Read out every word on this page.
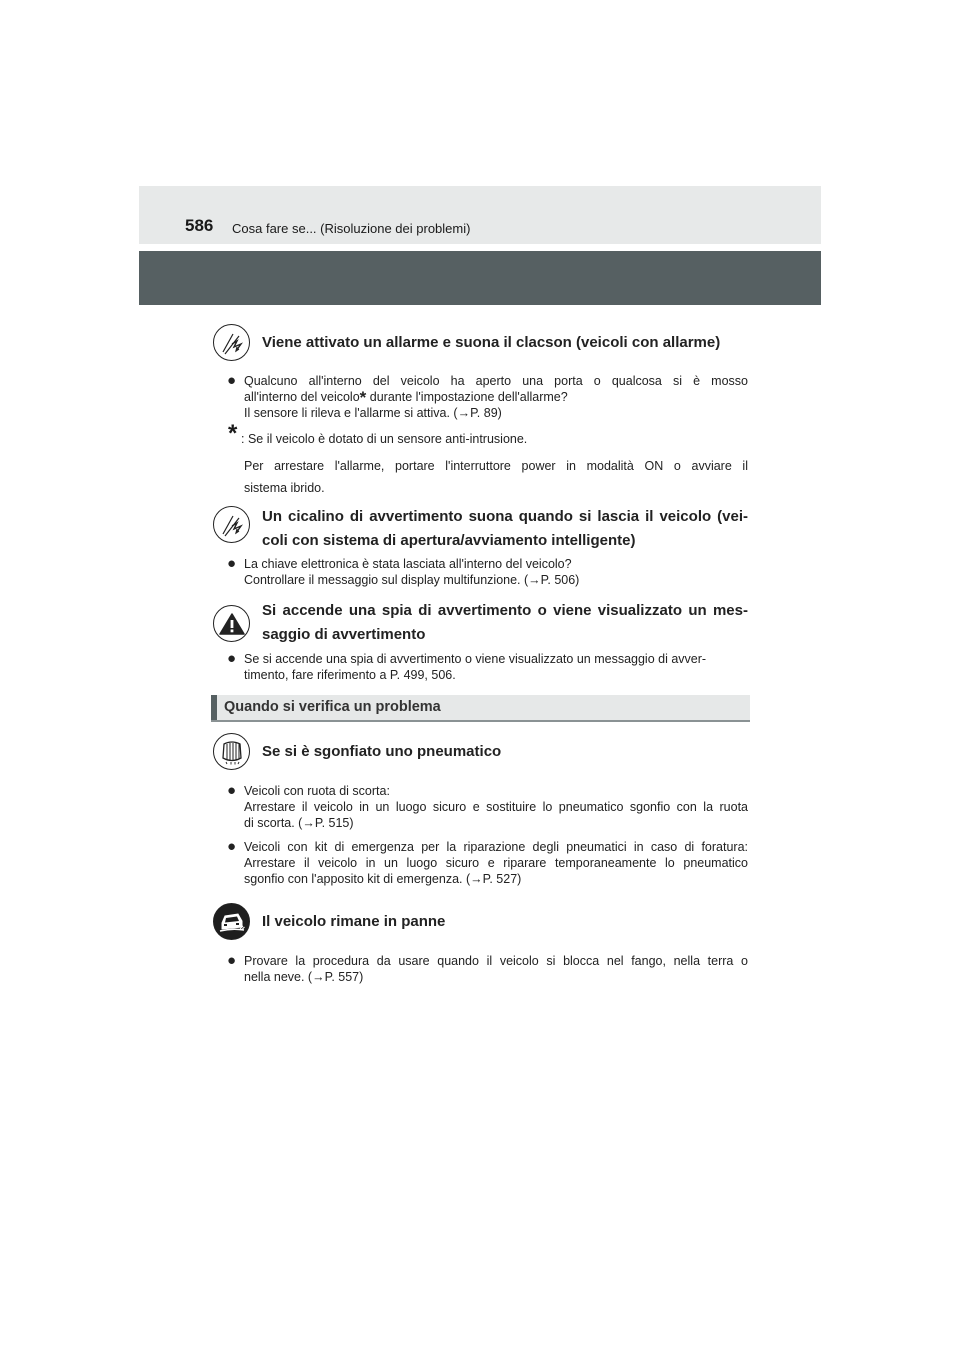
586 Cosa fare se... (Risoluzione dei problemi)
Viene attivato un allarme e suona il clacson (veicoli con allarme)
● Qualcuno all'interno del veicolo ha aperto una porta o qualcosa si è mosso
all'interno del veicolo* durante l'impostazione dell'allarme?
Il sensore li rileva e l'allarme si attiva. (→P. 89)
* : Se il veicolo è dotato di un sensore anti-intrusione.
Per arrestare l'allarme, portare l'interruttore power in modalità ON o avviare il
sistema ibrido.
Un cicalino di avvertimento suona quando si lascia il veicolo (vei-
coli con sistema di apertura/avviamento intelligente)
● La chiave elettronica è stata lasciata all'interno del veicolo?
Controllare il messaggio sul display multifunzione. (→P. 506)
Si accende una spia di avvertimento o viene visualizzato un mes-
saggio di avvertimento
● Se si accende una spia di avvertimento o viene visualizzato un messaggio di avver-
timento, fare riferimento a P. 499, 506.
Quando si verifica un problema
Se si è sgonfiato uno pneumatico
● Veicoli con ruota di scorta:
Arrestare il veicolo in un luogo sicuro e sostituire lo pneumatico sgonfio con la ruota
di scorta. (→P. 515)
● Veicoli con kit di emergenza per la riparazione degli pneumatici in caso di foratura:
Arrestare il veicolo in un luogo sicuro e riparare temporaneamente lo pneumatico
sgonfio con l'apposito kit di emergenza. (→P. 527)
Il veicolo rimane in panne
● Provare la procedura da usare quando il veicolo si blocca nel fango, nella terra o
nella neve. (→P. 557)
